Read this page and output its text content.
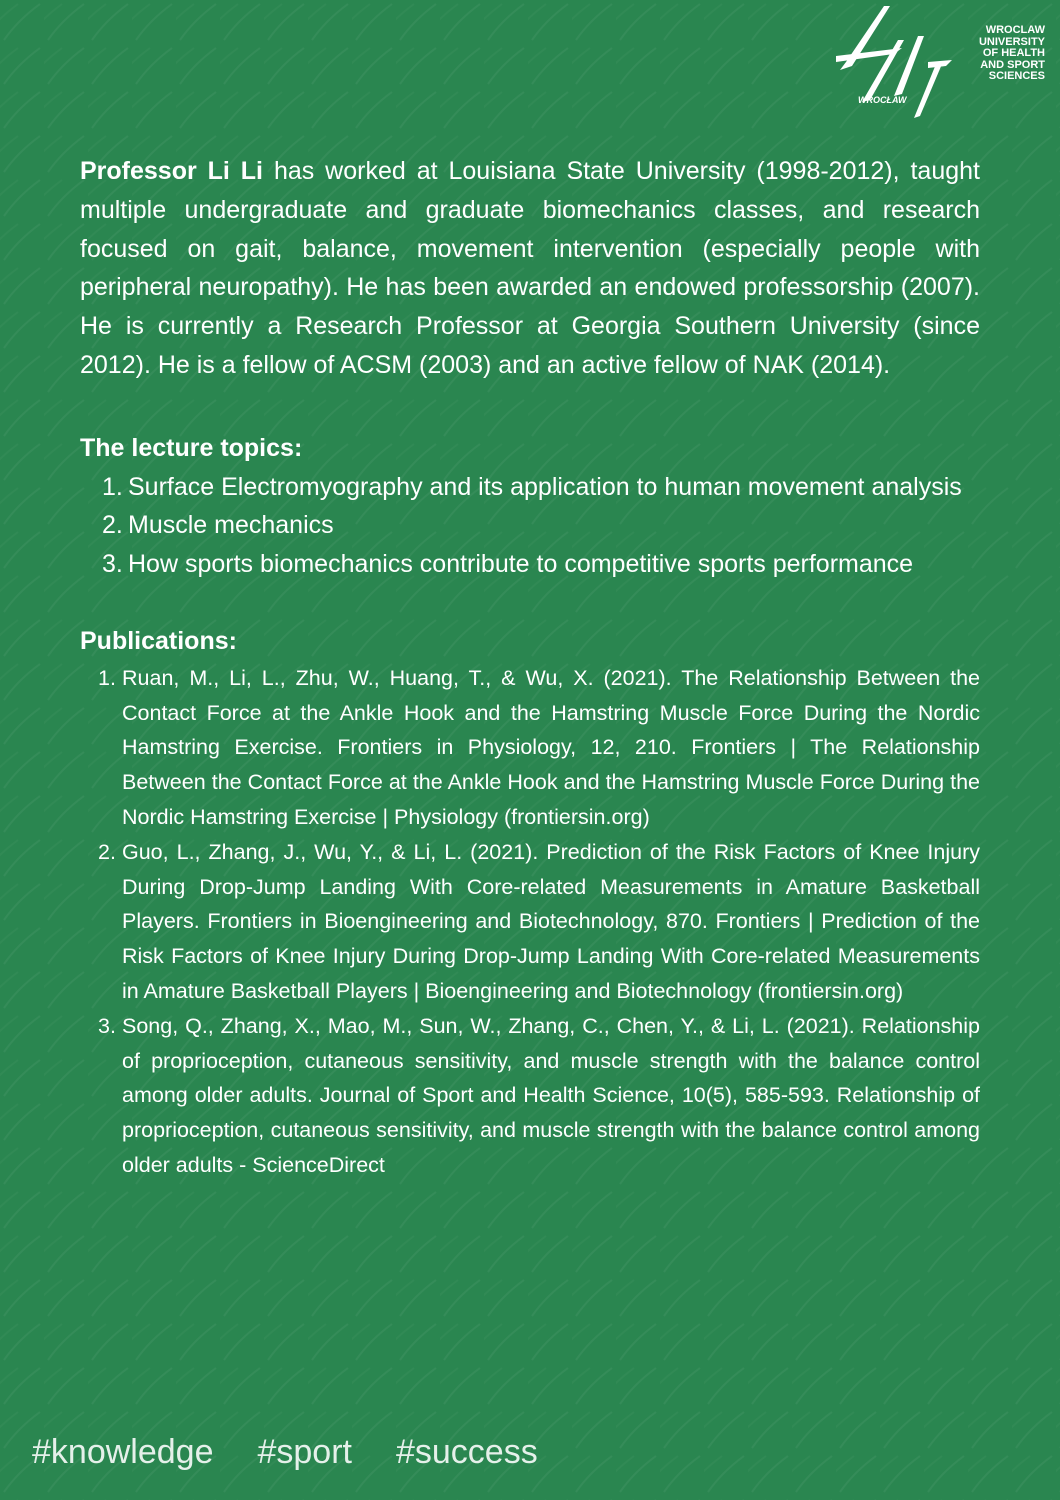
WROCŁAW
WROCLAW
UNIVERSITY
OF HEALTH
AND SPORT
SCIENCES

Professor Li Li has worked at Louisiana State University (1998-2012), taught multiple undergraduate and graduate biomechanics classes, and research focused on gait, balance, movement intervention (especially people with peripheral neuropathy). He has been awarded an endowed professorship (2007). He is currently a Research Professor at Georgia Southern University (since 2012). He is a fellow of ACSM (2003) and an active fellow of NAK (2014).

The lecture topics:
1. Surface Electromyography and its application to human movement analysis
2. Muscle mechanics
3. How sports biomechanics contribute to competitive sports performance
Publications:
1. Ruan, M., Li, L., Zhu, W., Huang, T., & Wu, X. (2021). The Relationship Between the Contact Force at the Ankle Hook and the Hamstring Muscle Force During the Nordic Hamstring Exercise. Frontiers in Physiology, 12, 210. Frontiers | The Relationship Between the Contact Force at the Ankle Hook and the Hamstring Muscle Force During the Nordic Hamstring Exercise | Physiology (frontiersin.org)
2. Guo, L., Zhang, J., Wu, Y., & Li, L. (2021). Prediction of the Risk Factors of Knee Injury During Drop-Jump Landing With Core-related Measurements in Amature Basketball Players. Frontiers in Bioengineering and Biotechnology, 870. Frontiers | Prediction of the Risk Factors of Knee Injury During Drop-Jump Landing With Core-related Measurements in Amature Basketball Players | Bioengineering and Biotechnology (frontiersin.org)
3. Song, Q., Zhang, X., Mao, M., Sun, W., Zhang, C., Chen, Y., & Li, L. (2021). Relationship of proprioception, cutaneous sensitivity, and muscle strength with the balance control among older adults. Journal of Sport and Health Science, 10(5), 585-593. Relationship of proprioception, cutaneous sensitivity, and muscle strength with the balance control among older adults - ScienceDirect
#knowledge #sport #success
